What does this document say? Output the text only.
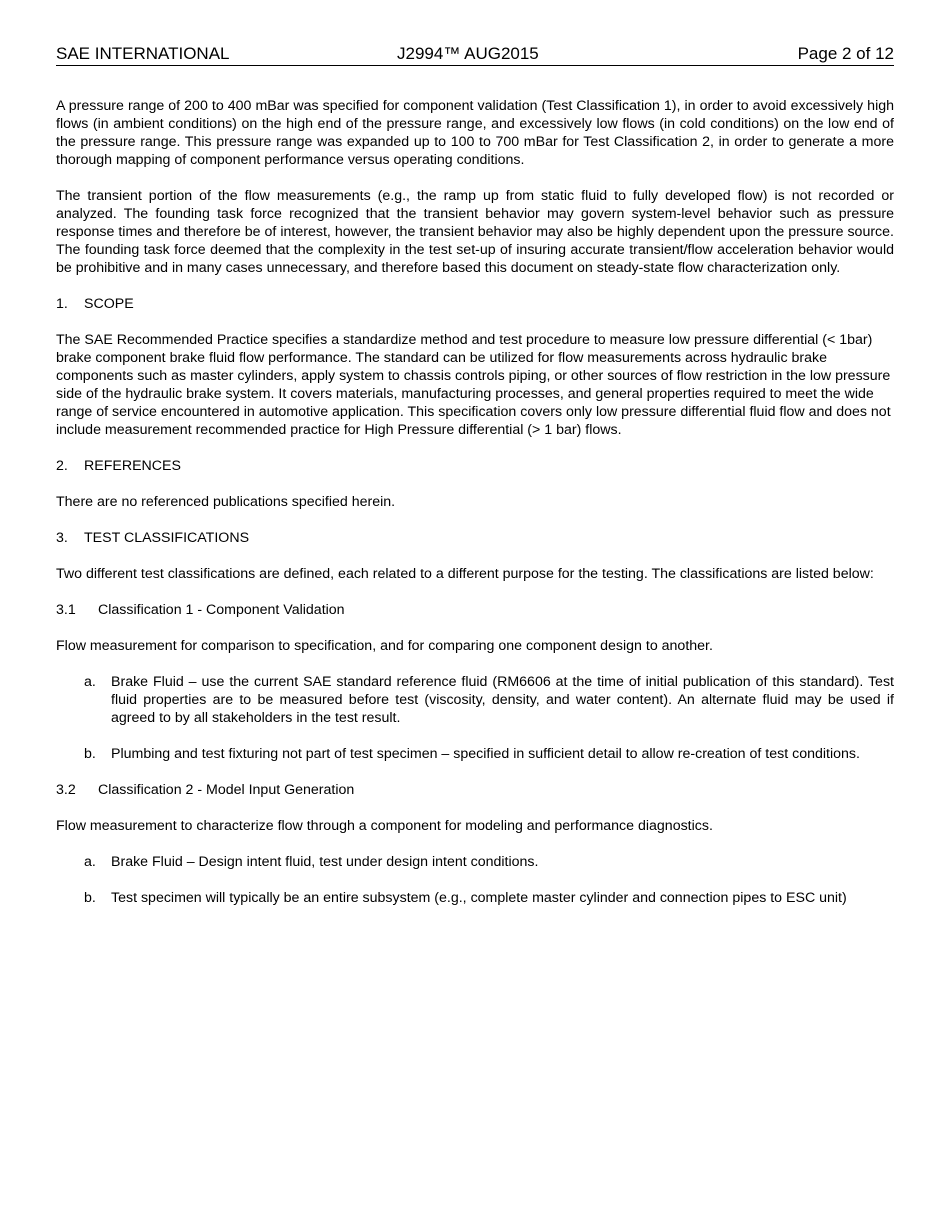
SAE INTERNATIONAL	J2994™ AUG2015	Page 2 of 12

A pressure range of 200 to 400 mBar was specified for component validation (Test Classification 1), in order to avoid excessively high flows (in ambient conditions) on the high end of the pressure range, and excessively low flows (in cold conditions) on the low end of the pressure range. This pressure range was expanded up to 100 to 700 mBar for Test Classification 2, in order to generate a more thorough mapping of component performance versus operating conditions.

The transient portion of the flow measurements (e.g., the ramp up from static fluid to fully developed flow) is not recorded or analyzed. The founding task force recognized that the transient behavior may govern system-level behavior such as pressure response times and therefore be of interest, however, the transient behavior may also be highly dependent upon the pressure source. The founding task force deemed that the complexity in the test set-up of insuring accurate transient/flow acceleration behavior would be prohibitive and in many cases unnecessary, and therefore based this document on steady-state flow characterization only.

1. SCOPE

The SAE Recommended Practice specifies a standardize method and test procedure to measure low pressure differential (< 1bar) brake component brake fluid flow performance. The standard can be utilized for flow measurements across hydraulic brake components such as master cylinders, apply system to chassis controls piping, or other sources of flow restriction in the low pressure side of the hydraulic brake system. It covers materials, manufacturing processes, and general properties required to meet the wide range of service encountered in automotive application. This specification covers only low pressure differential fluid flow and does not include measurement recommended practice for High Pressure differential (> 1 bar) flows.

2. REFERENCES

There are no referenced publications specified herein.

3. TEST CLASSIFICATIONS

Two different test classifications are defined, each related to a different purpose for the testing. The classifications are listed below:

3.1 Classification 1 - Component Validation

Flow measurement for comparison to specification, and for comparing one component design to another.

a. Brake Fluid – use the current SAE standard reference fluid (RM6606 at the time of initial publication of this standard). Test fluid properties are to be measured before test (viscosity, density, and water content). An alternate fluid may be used if agreed to by all stakeholders in the test result.
b. Plumbing and test fixturing not part of test specimen – specified in sufficient detail to allow re-creation of test conditions.
3.2 Classification 2 - Model Input Generation

Flow measurement to characterize flow through a component for modeling and performance diagnostics.

a. Brake Fluid – Design intent fluid, test under design intent conditions.
b. Test specimen will typically be an entire subsystem (e.g., complete master cylinder and connection pipes to ESC unit)
